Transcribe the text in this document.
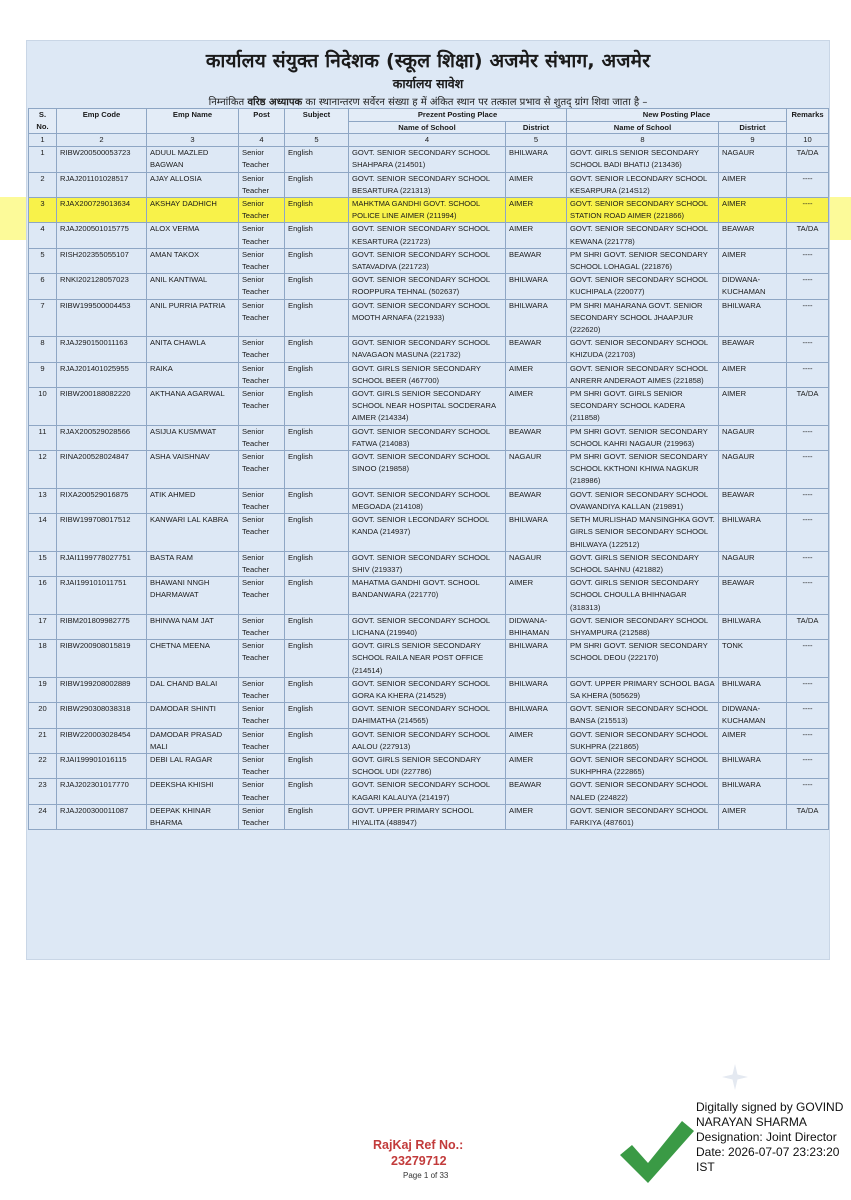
कार्यालय संयुक्त निदेशक (स्कूल शिक्षा) अजमेर संभाग, अजमेर
कार्यालय सावेश
निम्नांकित वरिष्ठ अध्यापक का स्थानान्तरण सर्वेरन संख्या ह में अंकित स्थान पर तत्काल प्रभाव से शुतद्‌ ग्रांग शिवा जाता है –
S. No.	Emp Code	Emp Name	Post	Subject	Prezent Posting Place		New Posting Place		Remarks
					Name of School	District	Name of School	District	
1	2	3	4	5	4	5	8	9	10
1	RIBW200500053723	ADUUL MAZLED BAGWAN	Senior Teacher	English	GOVT. SENIOR SECONDARY SCHOOL SHAHPARA (214501)	BHILWARA	GOVT. GIRLS SENIOR SECONDARY SCHOOL BADI BHATIJ (213436)	NAGAUR	TA/DA
2	RJAJ201101028517	AJAY ALLOSIA	Senior Teacher	English	GOVT. SENIOR SECONDARY SCHOOL BESARTURA (221313)	AIMER	GOVT. SENIOR LECONDARY SCHOOL KESARPURA (214S12)	AIMER	----
3	RJAX200729013634	AKSHAY DADHICH	Senior Teacher	English	MAHKTMA GANDHI GOVT. SCHOOL POLICE LINE AIMER (211994)	AIMER	GOVT. SENIOR SECONDARY SCHOOL STATION ROAD AIMER (221866)	AIMER	----
4	RJAJ200501015775	ALOX VERMA	Senior Teacher	English	GOVT. SENIOR SECONDARY SCHOOL KESARTURA (221723)	AIMER	GOVT. SENIOR SECONDARY SCHOOL KEWANA (221778)	BEAWAR	TA/DA
5	RISH202355055107	AMAN TAKOX	Senior Teacher	English	GOVT. SENIOR SECONDARY SCHOOL SATAVADIVA (221723)	BEAWAR	PM SHRI GOVT. SENIOR SECONDARY SCHOOL LOHAGAL (221876)	AIMER	----
6	RNKI202128057023	ANIL KANTIWAL	Senior Teacher	English	GOVT. SENIOR SECONDARY SCHOOL ROOPPURA TEHNAL (502637)	BHILWARA	GOVT. SENIOR SECONDARY SCHOOL KUCHIPALA (220077)	DIDWANA-KUCHAMAN	----
7	RIBW199500004453	ANIL PURRIA PATRIA	Senior Teacher	English	GOVT. SENIOR SECONDARY SCHOOL MOOTH ARNAFA (221933)	BHILWARA	PM SHRI MAHARANA GOVT. SENIOR SECONDARY SCHOOL JHAAPJUR (222620)	BHILWARA	----
8	RJAJ290150011163	ANITA CHAWLA	Senior Teacher	English	GOVT. SENIOR SECONDARY SCHOOL NAVAGAON MASUNA (221732)	BEAWAR	GOVT. SENIOR SECONDARY SCHOOL KHIZUDA (221703)	BEAWAR	----
9	RJAJ201401025955	RAIKA	Senior Teacher	English	GOVT. GIRLS SENIOR SECONDARY SCHOOL BEER (467700)	AIMER	GOVT. SENIOR SECONDARY SCHOOL ANRERR ANDERAOT AIMES (221858)	AIMER	----
10	RIBW200188082220	AKTHANA AGARWAL	Senior Teacher	English	GOVT. GIRLS SENIOR SECONDARY SCHOOL NEAR HOSPITAL SOCDERARA AIMER (214334)	AIMER	PM SHRI GOVT. GIRLS SENIOR SECONDARY SCHOOL KADERA (211858)	AIMER	TA/DA
11	RJAX200529028566	ASIJUA KUSMWAT	Senior Teacher	English	GOVT. SENIOR SECONDARY SCHOOL FATWA (214083)	BEAWAR	PM SHRI GOVT. SENIOR SECONDARY SCHOOL KAHRI NAGAUR (219963)	NAGAUR	----
12	RINA200528024847	ASHA VAISHNAV	Senior Teacher	English	GOVT. SENIOR SECONDARY SCHOOL SINOO (219858)	NAGAUR	PM SHRI GOVT. SENIOR SECONDARY SCHOOL KKTHONI KHIWA NAGKUR (218986)	NAGAUR	----
13	RIXA200529016875	ATIK AHMED	Senior Teacher	English	GOVT. SENIOR SECONDARY SCHOOL MEGOADA (214108)	BEAWAR	GOVT. SENIOR SECONDARY SCHOOL OVAWANDIYA KALLAN (219891)	BEAWAR	----
14	RIBW199708017512	KANWARI LAL KABRA	Senior Teacher	English	GOVT. SENIOR LECONDARY SCHOOL KANDA (214937)	BHILWARA	SETH MURLISHAD MANSINGHKA GOVT. GIRLS SENIOR SECONDARY SCHOOL BHILWAYA (122512)	BHILWARA	----
15	RJAI1199778027751	BASTA RAM	Senior Teacher	English	GOVT. SENIOR SECONDARY SCHOOL SHIV (219337)	NAGAUR	GOVT. GIRLS SENIOR SECONDARY SCHOOL SAHNU (421882)	NAGAUR	----
16	RJAI199101011751	BHAWANI NNGH DHARMAWAT	Senior Teacher	English	MAHATMA GANDHI GOVT. SCHOOL BANDANWARA (221770)	AIMER	GOVT. GIRLS SENIOR SECONDARY SCHOOL CHOULLA BHIHNAGAR (318313)	BEAWAR	----
17	RIBM201809982775	BHINWA NAM JAT	Senior Teacher	English	GOVT. SENIOR SECONDARY SCHOOL LICHANA (219940)	DIDWANA-BHIHAMAN	GOVT. SENIOR SECONDARY SCHOOL SHYAMPURA (212588)	BHILWARA	TA/DA
18	RIBW200908015819	CHETNA MEENA	Senior Teacher	English	GOVT. GIRLS SENIOR SECONDARY SCHOOL RAILA NEAR POST OFFICE (214514)	BHILWARA	PM SHRI GOVT. SENIOR SECONDARY SCHOOL DEOU (222170)	TONK	----
19	RIBW199208002889	DAL CHAND BALAI	Senior Teacher	English	GOVT. SENIOR SECONDARY SCHOOL GORA KA KHERA (214529)	BHILWARA	GOVT. UPPER PRIMARY SCHOOL BAGA SA KHERA (505629)	BHILWARA	----
20	RIBW290308038318	DAMODAR SHINTI	Senior Teacher	English	GOVT. SENIOR SECONDARY SCHOOL DAHIMATHA (214565)	BHILWARA	GOVT. SENIOR SECONDARY SCHOOL BANSA (215513)	DIDWANA-KUCHAMAN	----
21	RIBW220003028454	DAMODAR PRASAD MALI	Senior Teacher	English	GOVT. SENIOR SECONDARY SCHOOL AALOU (227913)	AIMER	GOVT. SENIOR SECONDARY SCHOOL SUKHPRA (221865)	AIMER	----
22	RJAI199901016115	DEBI LAL RAGAR	Senior Teacher	English	GOVT. GIRLS SENIOR SECONDARY SCHOOL UDI (227786)	AIMER	GOVT. SENIOR SECONDARY SCHOOL SUKHPHRA (222865)	BHILWARA	----
23	RJAJ202301017770	DEEKSHA KHISHI	Senior Teacher	English	GOVT. SENIOR SECONDARY SCHOOL KAGARI KALAUYA (214197)	BEAWAR	GOVT. SENIOR SECONDARY SCHOOL NALED (224822)	BHILWARA	----
24	RJAJ200300011087	DEEPAK KHINAR BHARMA	Senior Teacher	English	GOVT. UPPER PRIMARY SCHOOL HIYALITA (488947)	AIMER	GOVT. SENIOR SECONDARY SCHOOL FARKIYA (487601)	AIMER	TA/DA
RajKaj Ref No.:
23279712
Page 1 of 33
Digitally signed by GOVIND
NARAYAN SHARMA
Designation: Joint Director
Date: 2026-07-07 23:23:20
IST
